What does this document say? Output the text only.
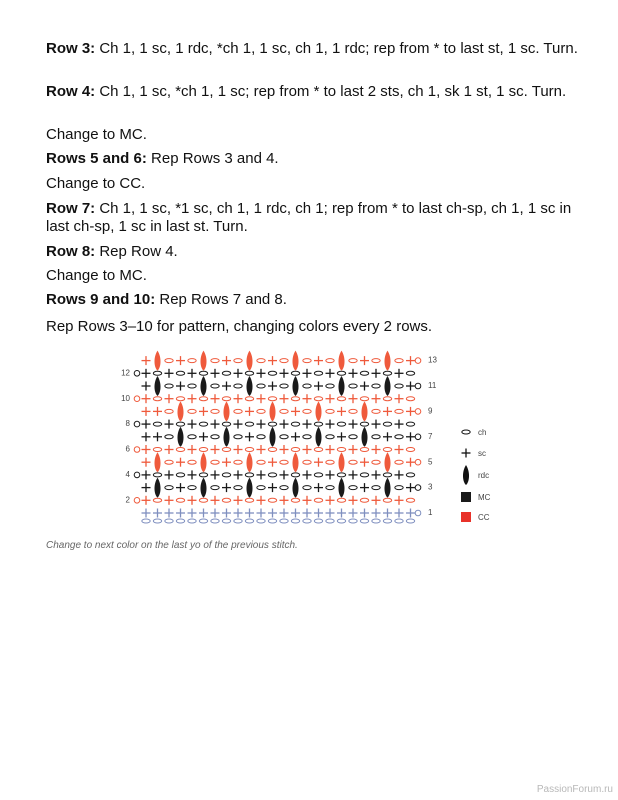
Row 3: Ch 1, 1 sc, 1 rdc, *ch 1, 1 sc, ch 1, 1 rdc; rep from * to last st, 1 sc. Turn.

Row 4: Ch 1, 1 sc, *ch 1, 1 sc; rep from * to last 2 sts, ch 1, sk 1 st, 1 sc. Turn.

Change to MC.

Rows 5 and 6: Rep Rows 3 and 4.

Change to CC.

Row 7: Ch 1, 1 sc, *1 sc, ch 1, 1 rdc, ch 1; rep from * to last ch-sp, ch 1, 1 sc in last ch-sp, 1 sc in last st. Turn.

Row 8: Rep Row 4.

Change to MC.

Rows 9 and 10: Rep Rows 7 and 8.

Rep Rows 3–10 for pattern, changing colors every 2 rows.

12
10
8
6
4
2
13
11
9
7
5
3
1
ch
sc
rdc
MC
CC

Change to next color on the last yo of the previous stitch.

PassionForum.ru
